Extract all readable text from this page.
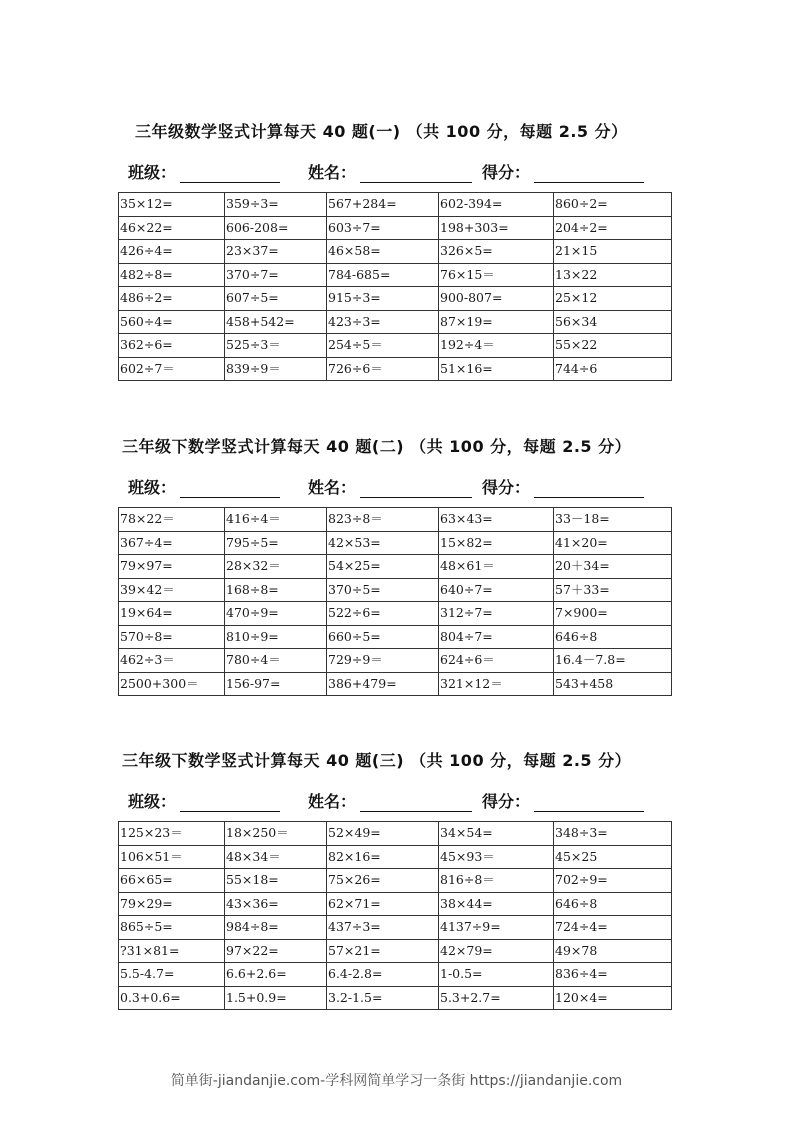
三年级数学竖式计算每天 40 题(一) （共 100 分，每题 2.5 分）
班级：	姓名：	得分：
35×12=	359÷3=	567+284=	602-394=	860÷2=
46×22=	606-208=	603÷7=	198+303=	204÷2=
426÷4=	23×37=	46×58=	326×5=	21×15
482÷8=	370÷7=	784-685=	76×15＝	13×22
486÷2=	607÷5=	915÷3=	900-807=	25×12
560÷4=	458+542=	423÷3=	87×19=	56×34
362÷6=	525÷3＝	254÷5＝	192÷4＝	55×22
602÷7＝	839÷9＝	726÷6＝	51×16=	744÷6
三年级下数学竖式计算每天 40 题(二) （共 100 分，每题 2.5 分）
班级：	姓名：	得分：
78×22＝	416÷4＝	823÷8＝	63×43=	33－18=
367÷4=	795÷5=	42×53=	15×82=	41×20=
79×97=	28×32＝	54×25=	48×61＝	20＋34=
39×42＝	168÷8=	370÷5=	640÷7=	57＋33=
19×64=	470÷9=	522÷6=	312÷7=	7×900=
570÷8=	810÷9=	660÷5=	804÷7=	646÷8
462÷3＝	780÷4＝	729÷9＝	624÷6＝	16.4－7.8=
2500+300＝	156-97=	386+479=	321×12＝	543+458
三年级下数学竖式计算每天 40 题(三) （共 100 分，每题 2.5 分）
班级：	姓名：	得分：
125×23＝	18×250＝	52×49=	34×54=	348÷3=
106×51＝	48×34＝	82×16=	45×93＝	45×25
66×65=	55×18=	75×26=	816÷8＝	702÷9=
79×29=	43×36=	62×71=	38×44=	646÷8
865÷5=	984÷8=	437÷3=	4137÷9=	724÷4=
?31×81=	97×22=	57×21=	42×79=	49×78
5.5-4.7=	6.6+2.6=	6.4-2.8=	1-0.5=	836÷4=
0.3+0.6=	1.5+0.9=	3.2-1.5=	5.3+2.7=	120×4=
简单街-jiandanjie.com-学科网简单学习一条街 https://jiandanjie.com
